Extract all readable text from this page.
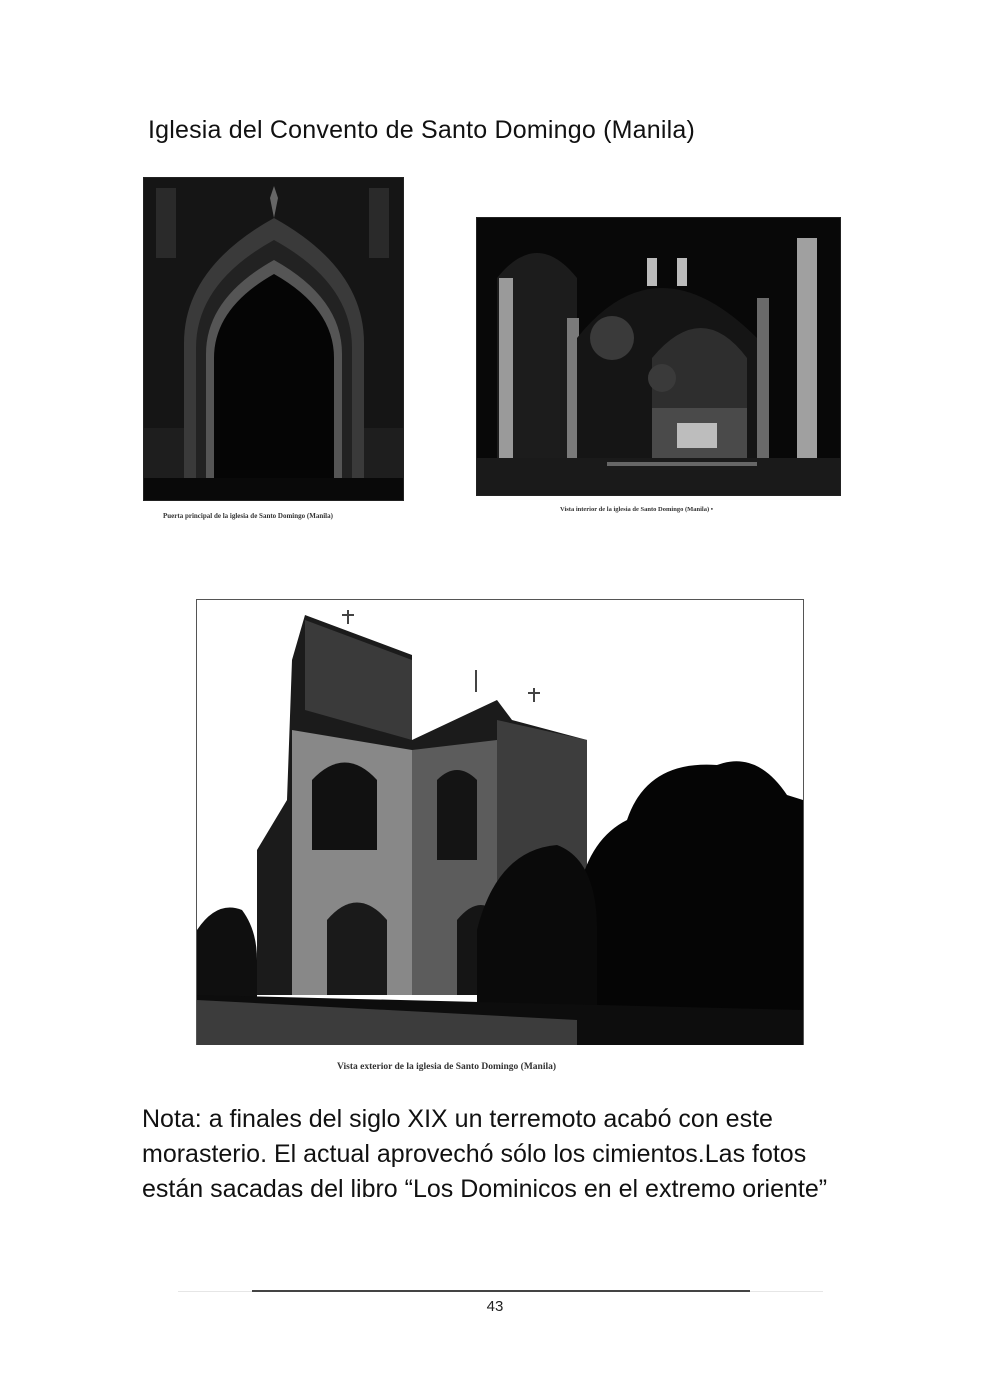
Iglesia del Convento de Santo Domingo (Manila)
Puerta principal de la iglesia de Santo Domingo (Manila)
Vista interior de la iglesia de Santo Domingo (Manila) •
Vista exterior de la iglesia de Santo Domingo (Manila)
Nota: a finales del siglo XIX un terremoto acabó con este morasterio. El actual aprovechó sólo los cimientos.Las fotos están sacadas del libro “Los Dominicos en el extremo oriente”
43
